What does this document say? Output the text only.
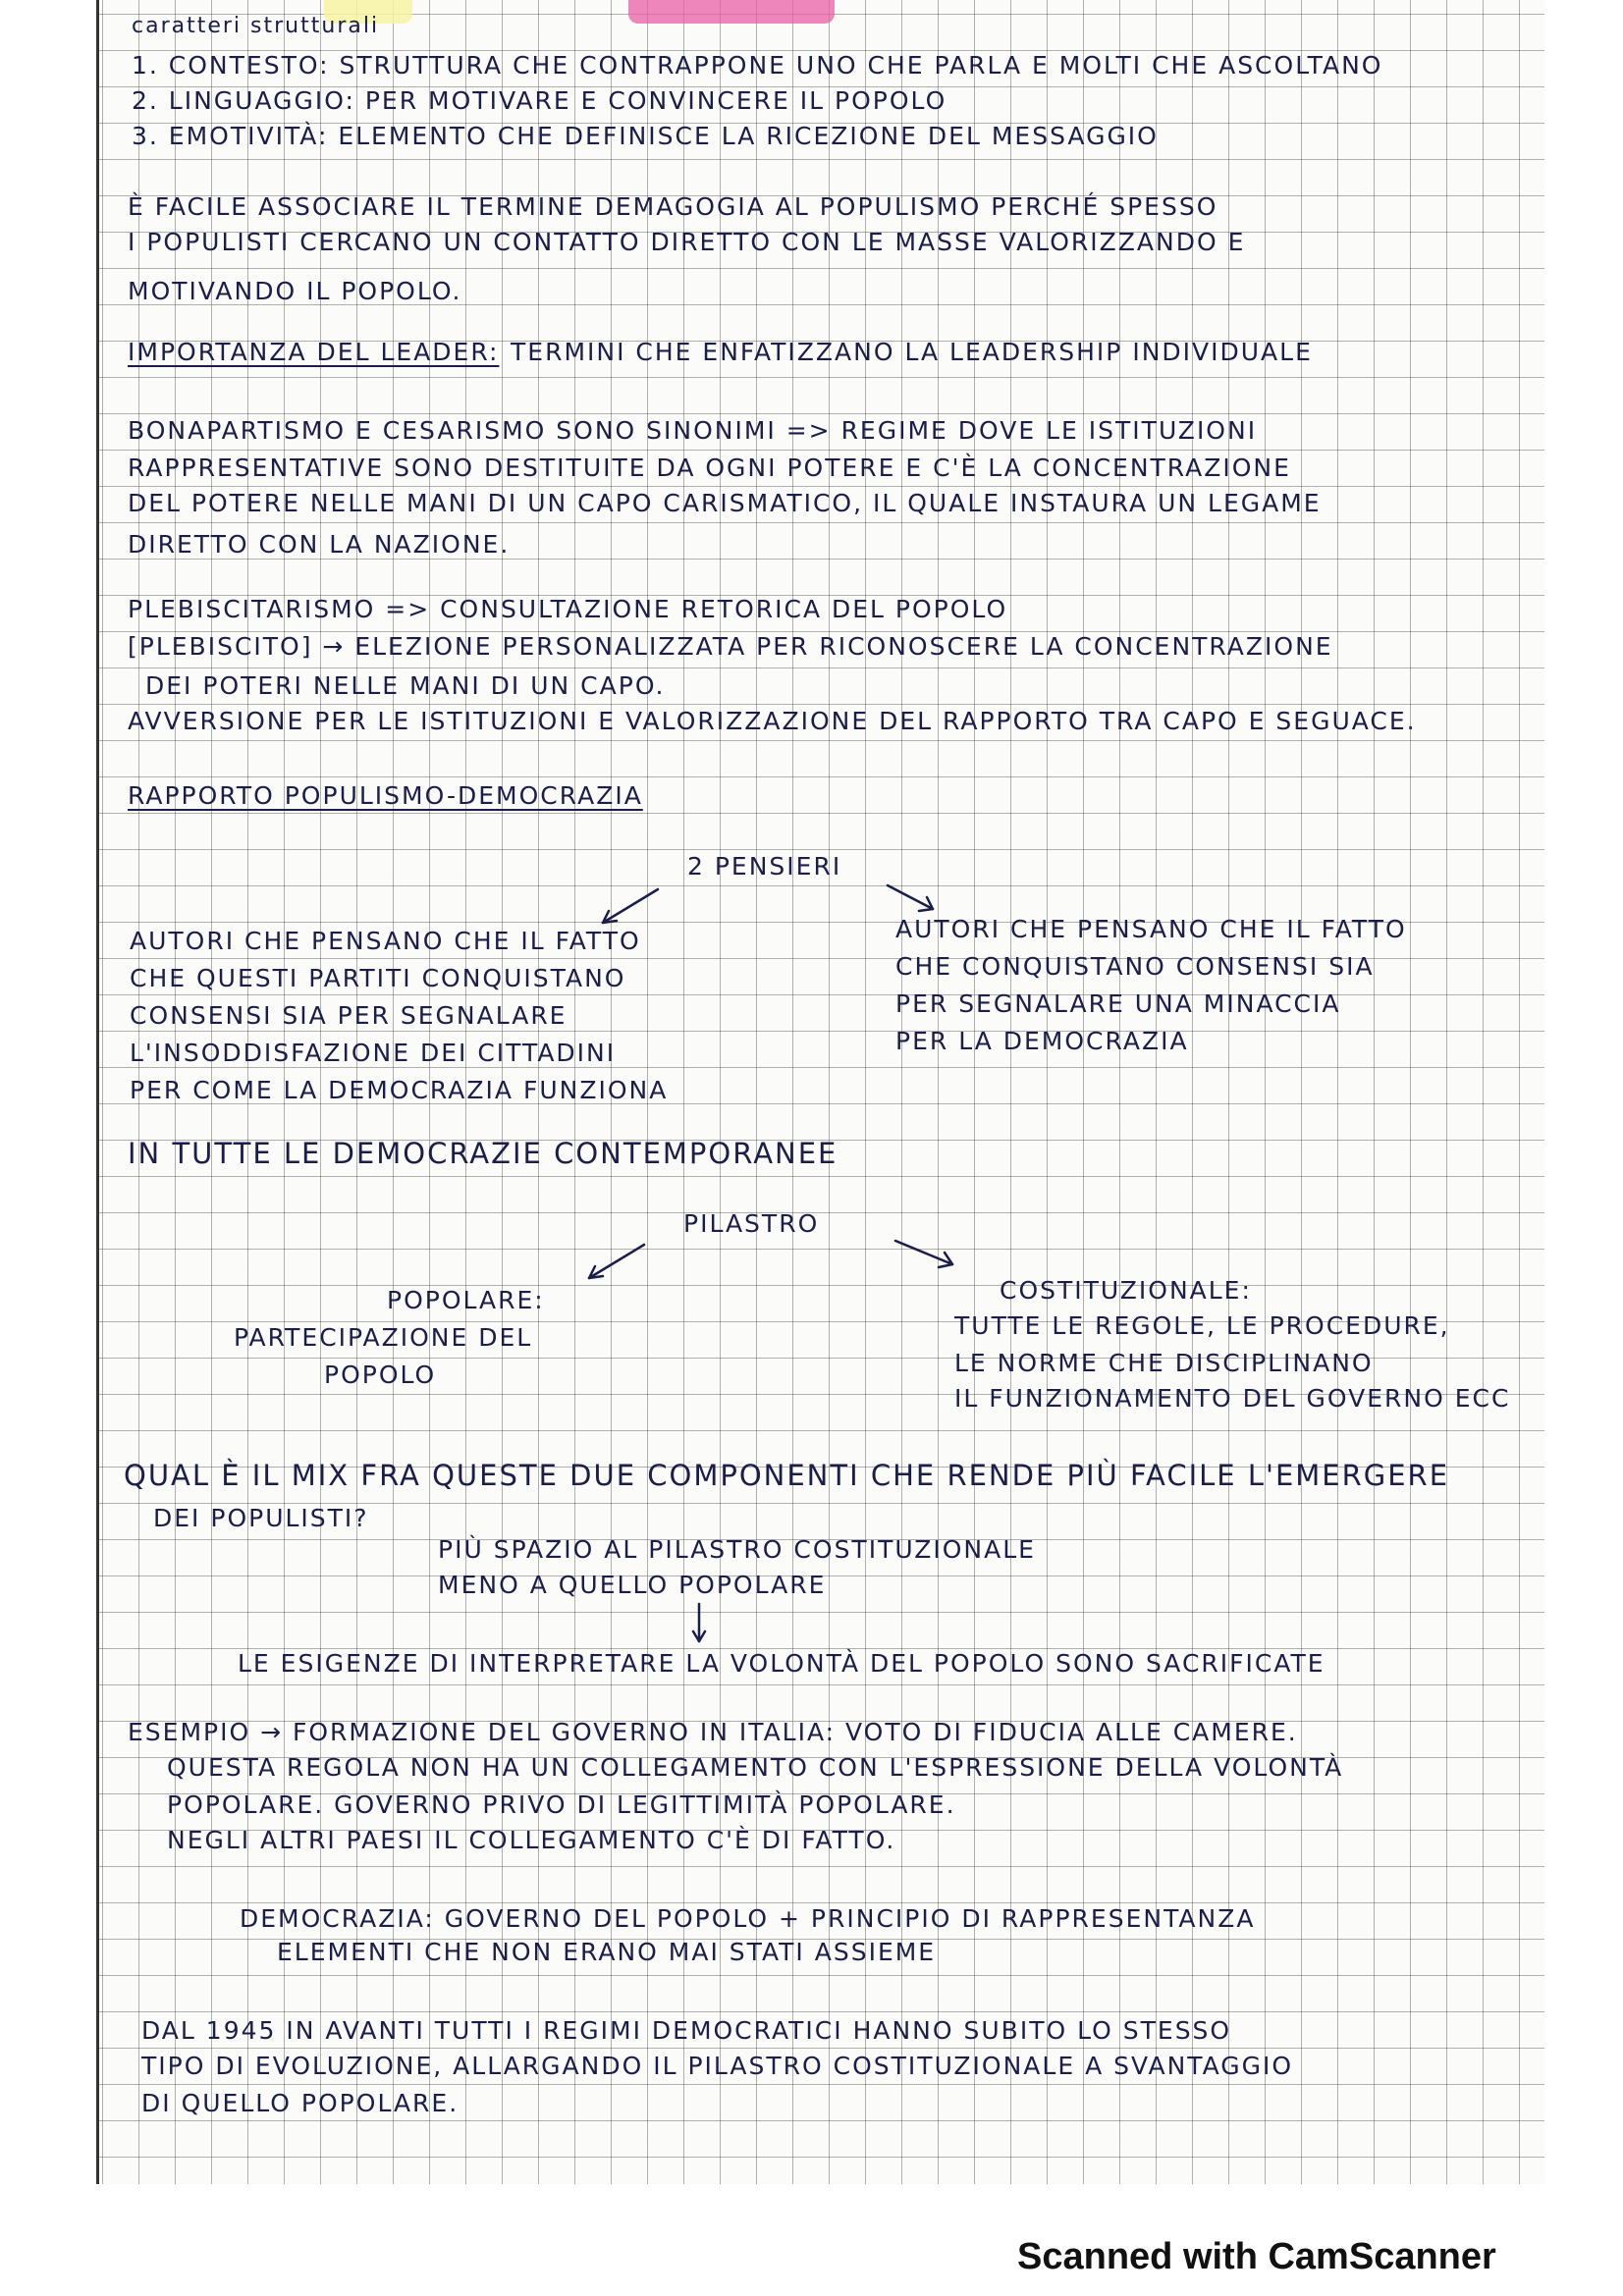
caratteri strutturali
1. CONTESTO: STRUTTURA CHE CONTRAPPONE UNO CHE PARLA E MOLTI CHE ASCOLTANO
2. LINGUAGGIO: PER MOTIVARE E CONVINCERE IL POPOLO
3. EMOTIVITÀ: ELEMENTO CHE DEFINISCE LA RICEZIONE DEL MESSAGGIO
È FACILE ASSOCIARE IL TERMINE DEMAGOGIA AL POPULISMO PERCHÉ SPESSO
I POPULISTI CERCANO UN CONTATTO DIRETTO CON LE MASSE VALORIZZANDO E
MOTIVANDO IL POPOLO.
IMPORTANZA DEL LEADER: TERMINI CHE ENFATIZZANO LA LEADERSHIP INDIVIDUALE
BONAPARTISMO E CESARISMO SONO SINONIMI => REGIME DOVE LE ISTITUZIONI
RAPPRESENTATIVE SONO DESTITUITE DA OGNI POTERE E C'È LA CONCENTRAZIONE
DEL POTERE NELLE MANI DI UN CAPO CARISMATICO, IL QUALE INSTAURA UN LEGAME
DIRETTO CON LA NAZIONE.
PLEBISCITARISMO => CONSULTAZIONE RETORICA DEL POPOLO
[PLEBISCITO] → ELEZIONE PERSONALIZZATA PER RICONOSCERE LA CONCENTRAZIONE
DEI POTERI NELLE MANI DI UN CAPO.
AVVERSIONE PER LE ISTITUZIONI E VALORIZZAZIONE DEL RAPPORTO TRA CAPO E SEGUACE.
RAPPORTO POPULISMO-DEMOCRAZIA
2 PENSIERI
AUTORI CHE PENSANO CHE IL FATTO
CHE QUESTI PARTITI CONQUISTANO
CONSENSI SIA PER SEGNALARE
L'INSODDISFAZIONE DEI CITTADINI
PER COME LA DEMOCRAZIA FUNZIONA
AUTORI CHE PENSANO CHE IL FATTO
CHE CONQUISTANO CONSENSI SIA
PER SEGNALARE UNA MINACCIA
PER LA DEMOCRAZIA
IN TUTTE LE DEMOCRAZIE CONTEMPORANEE
PILASTRO
POPOLARE:
PARTECIPAZIONE DEL
POPOLO
COSTITUZIONALE:
TUTTE LE REGOLE, LE PROCEDURE,
LE NORME CHE DISCIPLINANO
IL FUNZIONAMENTO DEL GOVERNO ECC
QUAL È IL MIX FRA QUESTE DUE COMPONENTI CHE RENDE PIÙ FACILE L'EMERGERE
DEI POPULISTI?
PIÙ SPAZIO AL PILASTRO COSTITUZIONALE
MENO A QUELLO POPOLARE
LE ESIGENZE DI INTERPRETARE LA VOLONTÀ DEL POPOLO SONO SACRIFICATE
ESEMPIO → FORMAZIONE DEL GOVERNO IN ITALIA: VOTO DI FIDUCIA ALLE CAMERE.
QUESTA REGOLA NON HA UN COLLEGAMENTO CON L'ESPRESSIONE DELLA VOLONTÀ
POPOLARE. GOVERNO PRIVO DI LEGITTIMITÀ POPOLARE.
NEGLI ALTRI PAESI IL COLLEGAMENTO C'È DI FATTO.
DEMOCRAZIA: GOVERNO DEL POPOLO + PRINCIPIO DI RAPPRESENTANZA
ELEMENTI CHE NON ERANO MAI STATI ASSIEME
DAL 1945 IN AVANTI TUTTI I REGIMI DEMOCRATICI HANNO SUBITO LO STESSO
TIPO DI EVOLUZIONE, ALLARGANDO IL PILASTRO COSTITUZIONALE A SVANTAGGIO
DI QUELLO POPOLARE.
Scanned with CamScanner
